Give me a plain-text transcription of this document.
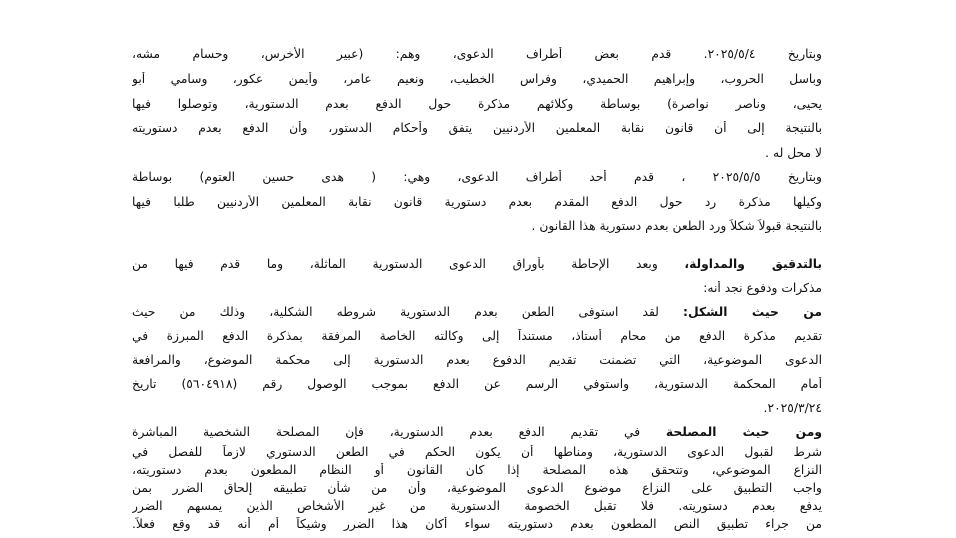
وبتاريخ ٢٠٢٥/٥/٤. قدم بعض أطراف الدعوى، وهم: (عبير الأخرس، وحسام مشه،
وباسل الحروب، وإبراهيم الحميدي، وفراس الخطيب، ونعيم عامر، وأيمن عكور، وسامي أبو
يحيى، وناصر نواصرة) بوساطة وكلائهم مذكرة حول الدفع بعدم الدستورية، وتوصلوا فيها
بالنتيجة إلى أن قانون نقابة المعلمين الأردنيين يتفق وأحكام الدستور، وأن الدفع بعدم دستوريته
لا محل له .
وبتاريخ ٢٠٢٥/٥/٥ ، قدم أحد أطراف الدعوى، وهي: ( هدى حسين العتوم) بوساطة
وكيلها مذكرة رد حول الدفع المقدم بعدم دستورية قانون نقابة المعلمين الأردنيين طلبا فيها
بالنتيجة قبولاً شكلاً ورد الطعن بعدم دستورية هذا القانون .
بالتدقيق والمداولة، وبعد الإحاطة بأوراق الدعوى الدستورية الماثلة، وما قدم فيها من
مذكرات ودفوع نجد أنه:
من حيث الشكل: لقد استوفى الطعن بعدم الدستورية شروطه الشكلية، وذلك من حيث
تقديم مذكرة الدفع من محام أستاذ، مستنداً إلى وكالته الخاصة المرفقة بمذكرة الدفع المبرزة في
الدعوى الموضوعية، التي تضمنت تقديم الدفوع بعدم الدستورية إلى محكمة الموضوع، والمرافعة
أمام المحكمة الدستورية، واستوفي الرسم عن الدفع بموجب الوصول رقم (٥٦٠٤٩١٨) تاريخ
٢٠٢٥/٣/٢٤.
ومن حيث المصلحة في تقديم الدفع بعدم الدستورية، فإن المصلحة الشخصية المباشرة
شرط لقبول الدعوى الدستورية، ومناطها أن يكون الحكم في الطعن الدستوري لازماً للفصل في
النزاع الموضوعي، وتتحقق هذه المصلحة إذا كان القانون أو النظام المطعون بعدم دستوريته،
واجب التطبيق على النزاع موضوع الدعوى الموضوعية، وأن من شأن تطبيقه إلحاق الضرر بمن
يدفع بعدم دستوريته. فلا تقبل الخصومة الدستورية من غير الأشخاص الذين يمسهم الضرر
من جراء تطبيق النص المطعون بعدم دستوريته سواء أكان هذا الضرر وشيكاً أم أنه قد وقع فعلاً.
